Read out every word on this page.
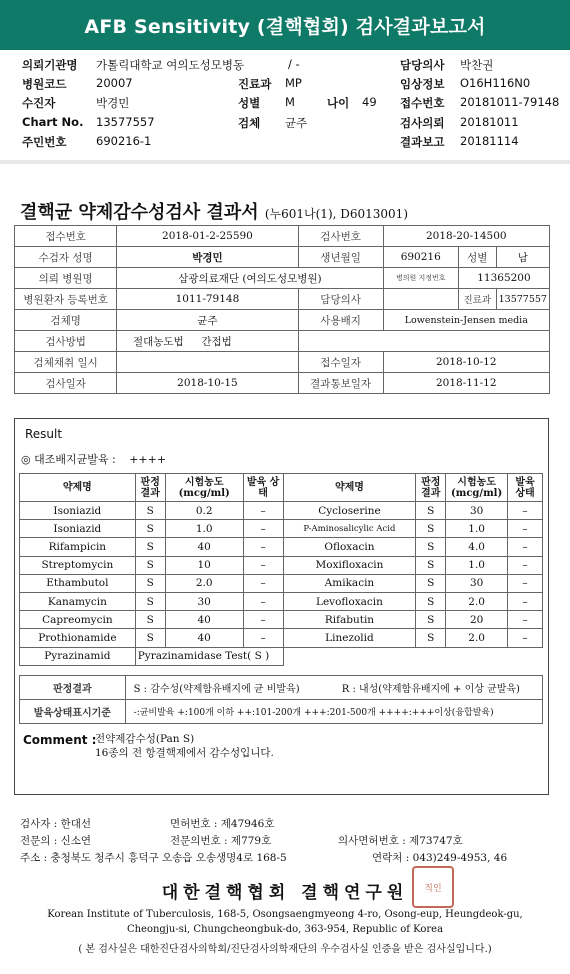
AFB Sensitivity (결핵협회) 검사결과보고서
의뢰기관명 가톨릭대학교 여의도성모병동	/ -	담당의사 박찬권
병원코드	20007	진료과 MP	임상정보 O16H116N0
수진자	박경민	성별 M	나이 49 접수번호 20181011-79148
Chart No. 13577557	검체 균주	검사의뢰 20181011
주민번호	690216-1	결과보고 20181114
결핵균 약제감수성검사 결과서 (누601나(1), D6013001)
접수번호	2018-01-2-25590		검사번호	2018-20-14500		
수검자 성명	박경민		생년월일	690216	성별	남
의뢰 병원명	삼광의료재단 (여의도성모병원)			병의원 지정번호	11365200	
병원환자 등록번호	1011-79148		담당의사		진료과	13577557
검체명	균주		사용배지	Lowenstein-Jensen media		
검사방법	절대농도법	간접법				
검체채취 일시			접수일자	2018-10-12		
검사일자	2018-10-15		결과통보일자	2018-11-12		
Result
◎ 대조배지균발육 : ++++
약제명	판정 결과	시험농도 (mcg/ml)	발육 상태	약제명	판정 결과	시험농도 (mcg/ml)	발육 상태
Isoniazid	S	0.2	–	Cycloserine	S	30	–
Isoniazid	S	1.0	–	P-Aminosalicylic Acid	S	1.0	–
Rifampicin	S	40	–	Ofloxacin	S	4.0	–
Streptomycin	S	10	–	Moxifloxacin	S	1.0	–
Ethambutol	S	2.0	–	Amikacin	S	30	–
Kanamycin	S	30	–	Levofloxacin	S	2.0	–
Capreomycin	S	40	–	Rifabutin	S	20	–
Prothionamide	S	40	–	Linezolid	S	2.0	–
Pyrazinamid	Pyrazinamidase Test( S )						
판정결과	S : 감수성(약제함유배지에 균 비발육)	R : 내성(약제함유배지에 + 이상 균발육)
발육상태표시기준	-:균비발육 +:100개 이하 ++:101-200개 +++:201-500개 ++++:+++이상(융합발육)	
Comment :
전약제감수성(Pan S)
16종의 전 항결핵제에서 감수성입니다.
검사자 : 한대선	면허번호 : 제47946호
전문의 : 신소연	전문의번호 : 제779호	의사면허번호 : 제73747호
주소 : 충청북도 청주시 흥덕구 오송읍 오송생명4로 168-5	연락처 : 043)249-4953, 46
대한결핵협회 결핵연구원	직인
Korean Institute of Tuberculosis, 168-5, Osongsaengmyeong 4-ro, Osong-eup, Heungdeok-gu,
Cheongju-si, Chungcheongbuk-do, 363-954, Republic of Korea
( 본 검사실은 대한진단검사의학회/진단검사의학재단의 우수검사실 인증을 받은 검사실입니다.)
